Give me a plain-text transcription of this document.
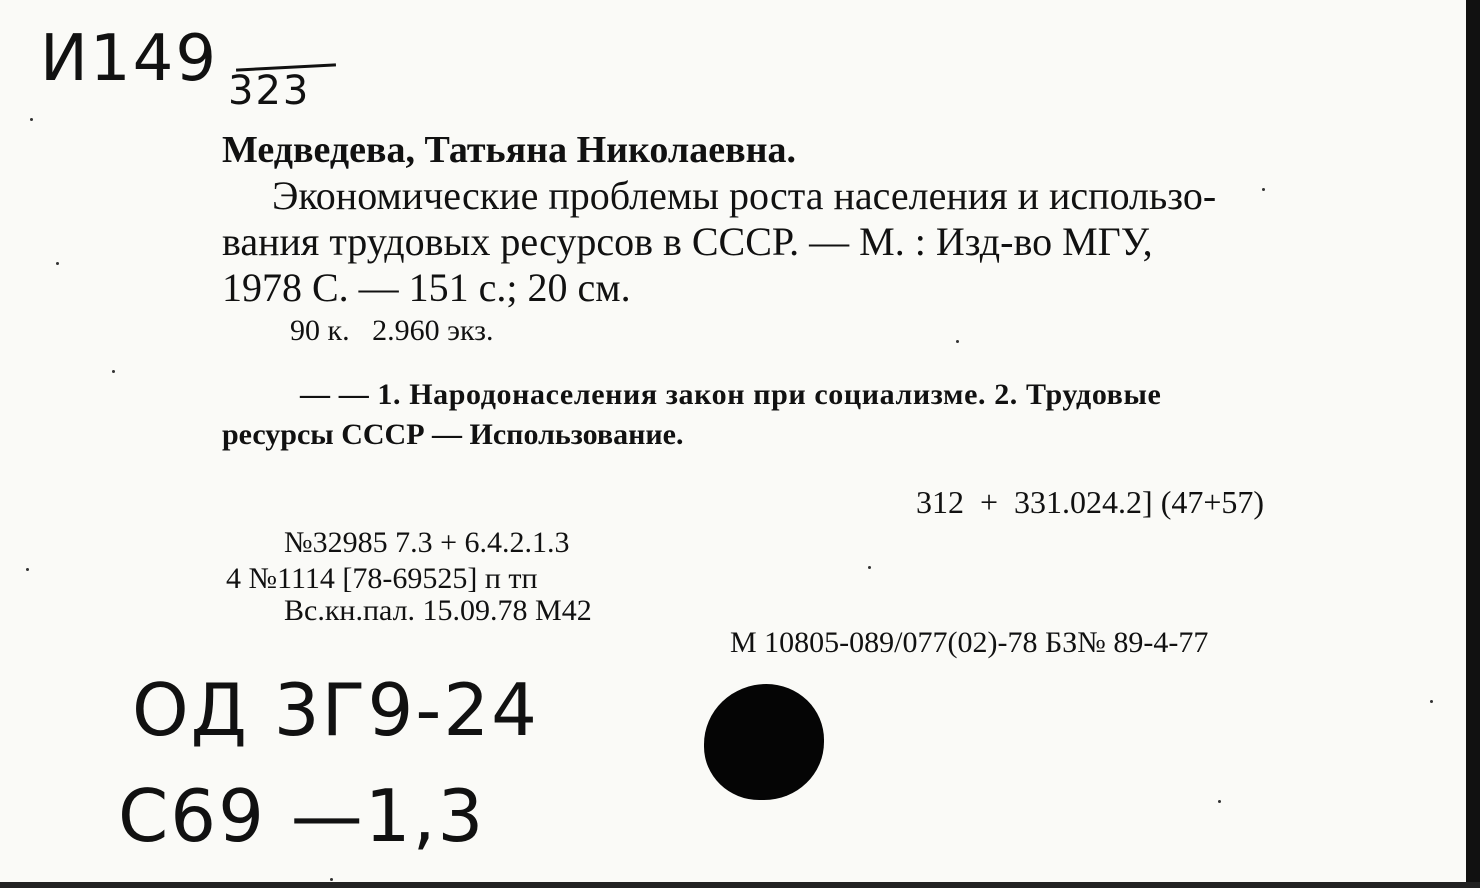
И149 323
Медведева, Татьяна Николаевна.
Экономические проблемы роста населения и использо-
вания трудовых ресурсов в СССР. — М. : Изд-во МГУ,
1978 С. — 151 с.; 20 см.
90 к.   2.960 экз.
— — 1. Народонаселения закон при социализме. 2. Трудовые
ресурсы СССР — Использование.
312  +  331.024.2] (47+57)
№32985 7.3 + 6.4.2.1.3
4 №1114 [78-69525] п тп
Вс.кн.пал. 15.09.78 М42
М 10805-089/077(02)-78 БЗ№ 89-4-77
ОД 3Г9-24
С69 —1,3
